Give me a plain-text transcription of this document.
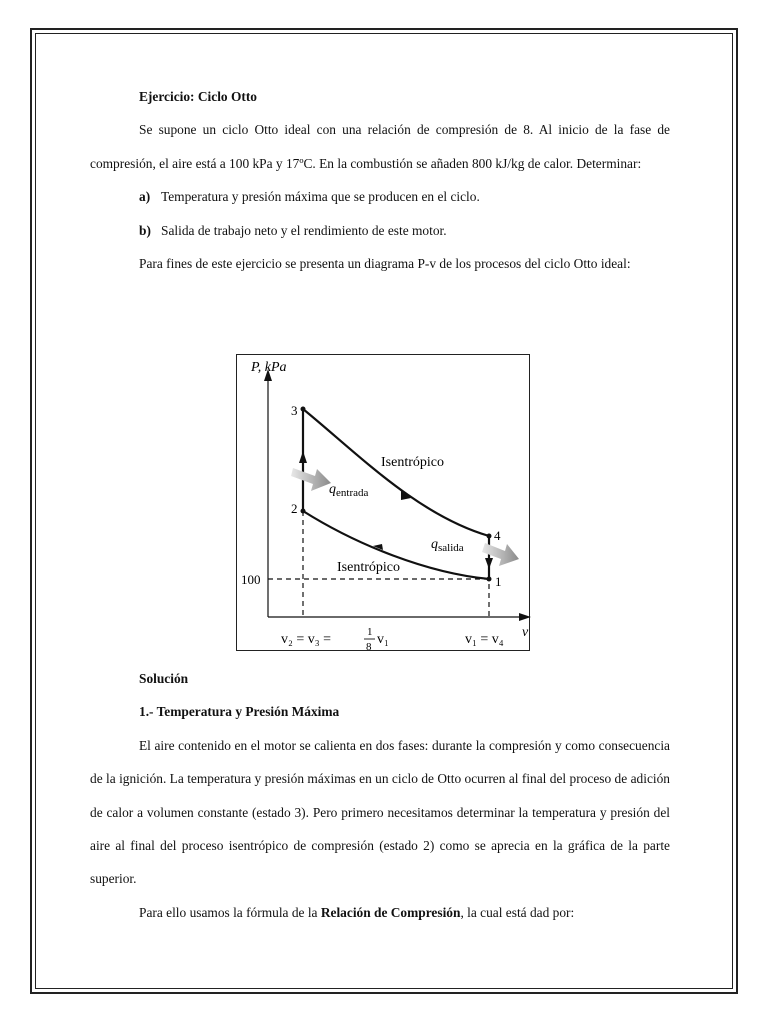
Ejercicio: Ciclo Otto

Se supone un ciclo Otto ideal con una relación de compresión de 8. Al inicio de la fase de compresión, el aire está a 100 kPa y 17ºC. En la combustión se añaden 800 kJ/kg de calor. Determinar:

a) Temperatura y presión máxima que se producen en el ciclo.

b) Salida de trabajo neto y el rendimiento de este motor.

Para fines de este ejercicio se presenta un diagrama P-v de los procesos del ciclo Otto ideal:

P, kPa
v
100
3
2
4
1
Isentrópico
Isentrópico
$q_{entrada}$
$q_{salida}$
v₂ = v₃ =	1
8 v₁	v₁ = v₄

Solución

1.- Temperatura y Presión Máxima

El aire contenido en el motor se calienta en dos fases: durante la compresión y como consecuencia de la ignición. La temperatura y presión máximas en un ciclo de Otto ocurren al final del proceso de adición de calor a volumen constante (estado 3). Pero primero necesitamos determinar la temperatura y presión del aire al final del proceso isentrópico de compresión (estado 2) como se aprecia en la gráfica de la parte superior.

Para ello usamos la fórmula de la Relación de Compresión, la cual está dad por:
